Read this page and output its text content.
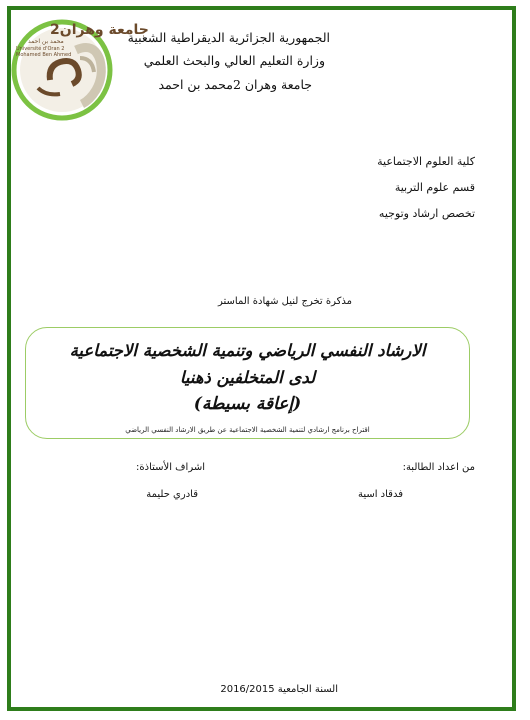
جامعة وهران2
محمد بن احمد
Université d'Oran 2
Mohamed Ben Ahmed
الجمهورية الجزائرية الديقراطية الشعبية
وزارة التعليم العالي والبحث العلمي
جامعة وهران 2محمد بن احمد
كلية العلوم الاجتماعية
قسم علوم التربية
تخصص ارشاد وتوجيه
مذكرة تخرج لنيل شهادة الماستر
الارشاد النفسي الرياضي وتنمية الشخصية الاجتماعية
لدى المتخلفين ذهنيا
(إعاقة بسيطة)
اقتراح برنامج ارشادي لتنمية الشخصية الاجتماعية عن طريق الارشاد النفسي الرياضي
من اعداد الطالبة:
اشراف الأستاذة:
فدقاد اسية
قادري حليمة
السنة الجامعية 2016/2015
